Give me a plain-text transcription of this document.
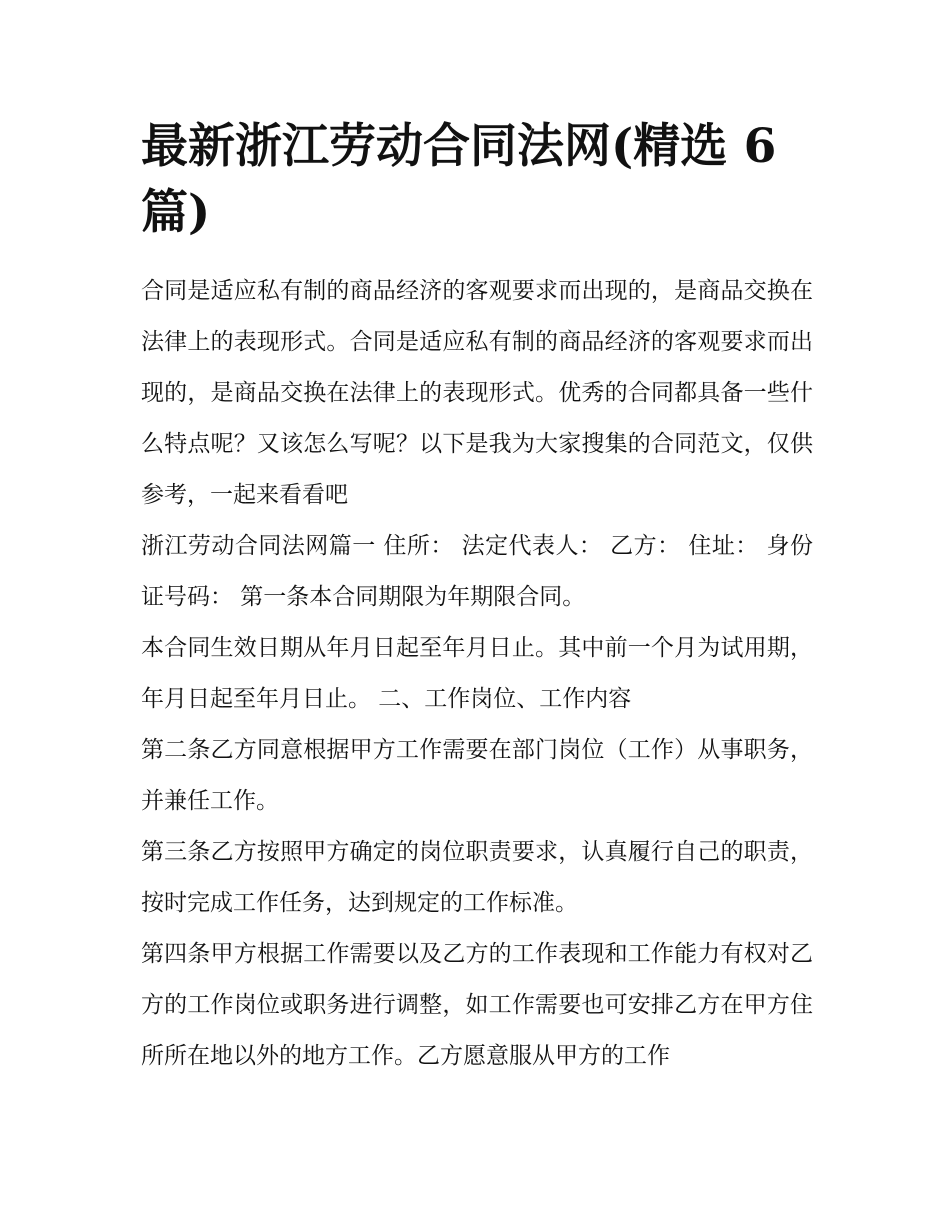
最新浙江劳动合同法网(精选 6 篇)

合同是适应私有制的商品经济的客观要求而出现的，是商品交换在法律上的表现形式。合同是适应私有制的商品经济的客观要求而出现的，是商品交换在法律上的表现形式。优秀的合同都具备一些什么特点呢？又该怎么写呢？以下是我为大家搜集的合同范文，仅供参考，一起来看看吧

浙江劳动合同法网篇一 住所： 法定代表人： 乙方： 住址： 身份证号码： 第一条本合同期限为年期限合同。

本合同生效日期从年月日起至年月日止。其中前一个月为试用期，年月日起至年月日止。 二、工作岗位、工作内容

第二条乙方同意根据甲方工作需要在部门岗位（工作）从事职务，并兼任工作。

第三条乙方按照甲方确定的岗位职责要求，认真履行自己的职责，按时完成工作任务，达到规定的工作标准。

第四条甲方根据工作需要以及乙方的工作表现和工作能力有权对乙方的工作岗位或职务进行调整，如工作需要也可安排乙方在甲方住所所在地以外的地方工作。乙方愿意服从甲方的工作
